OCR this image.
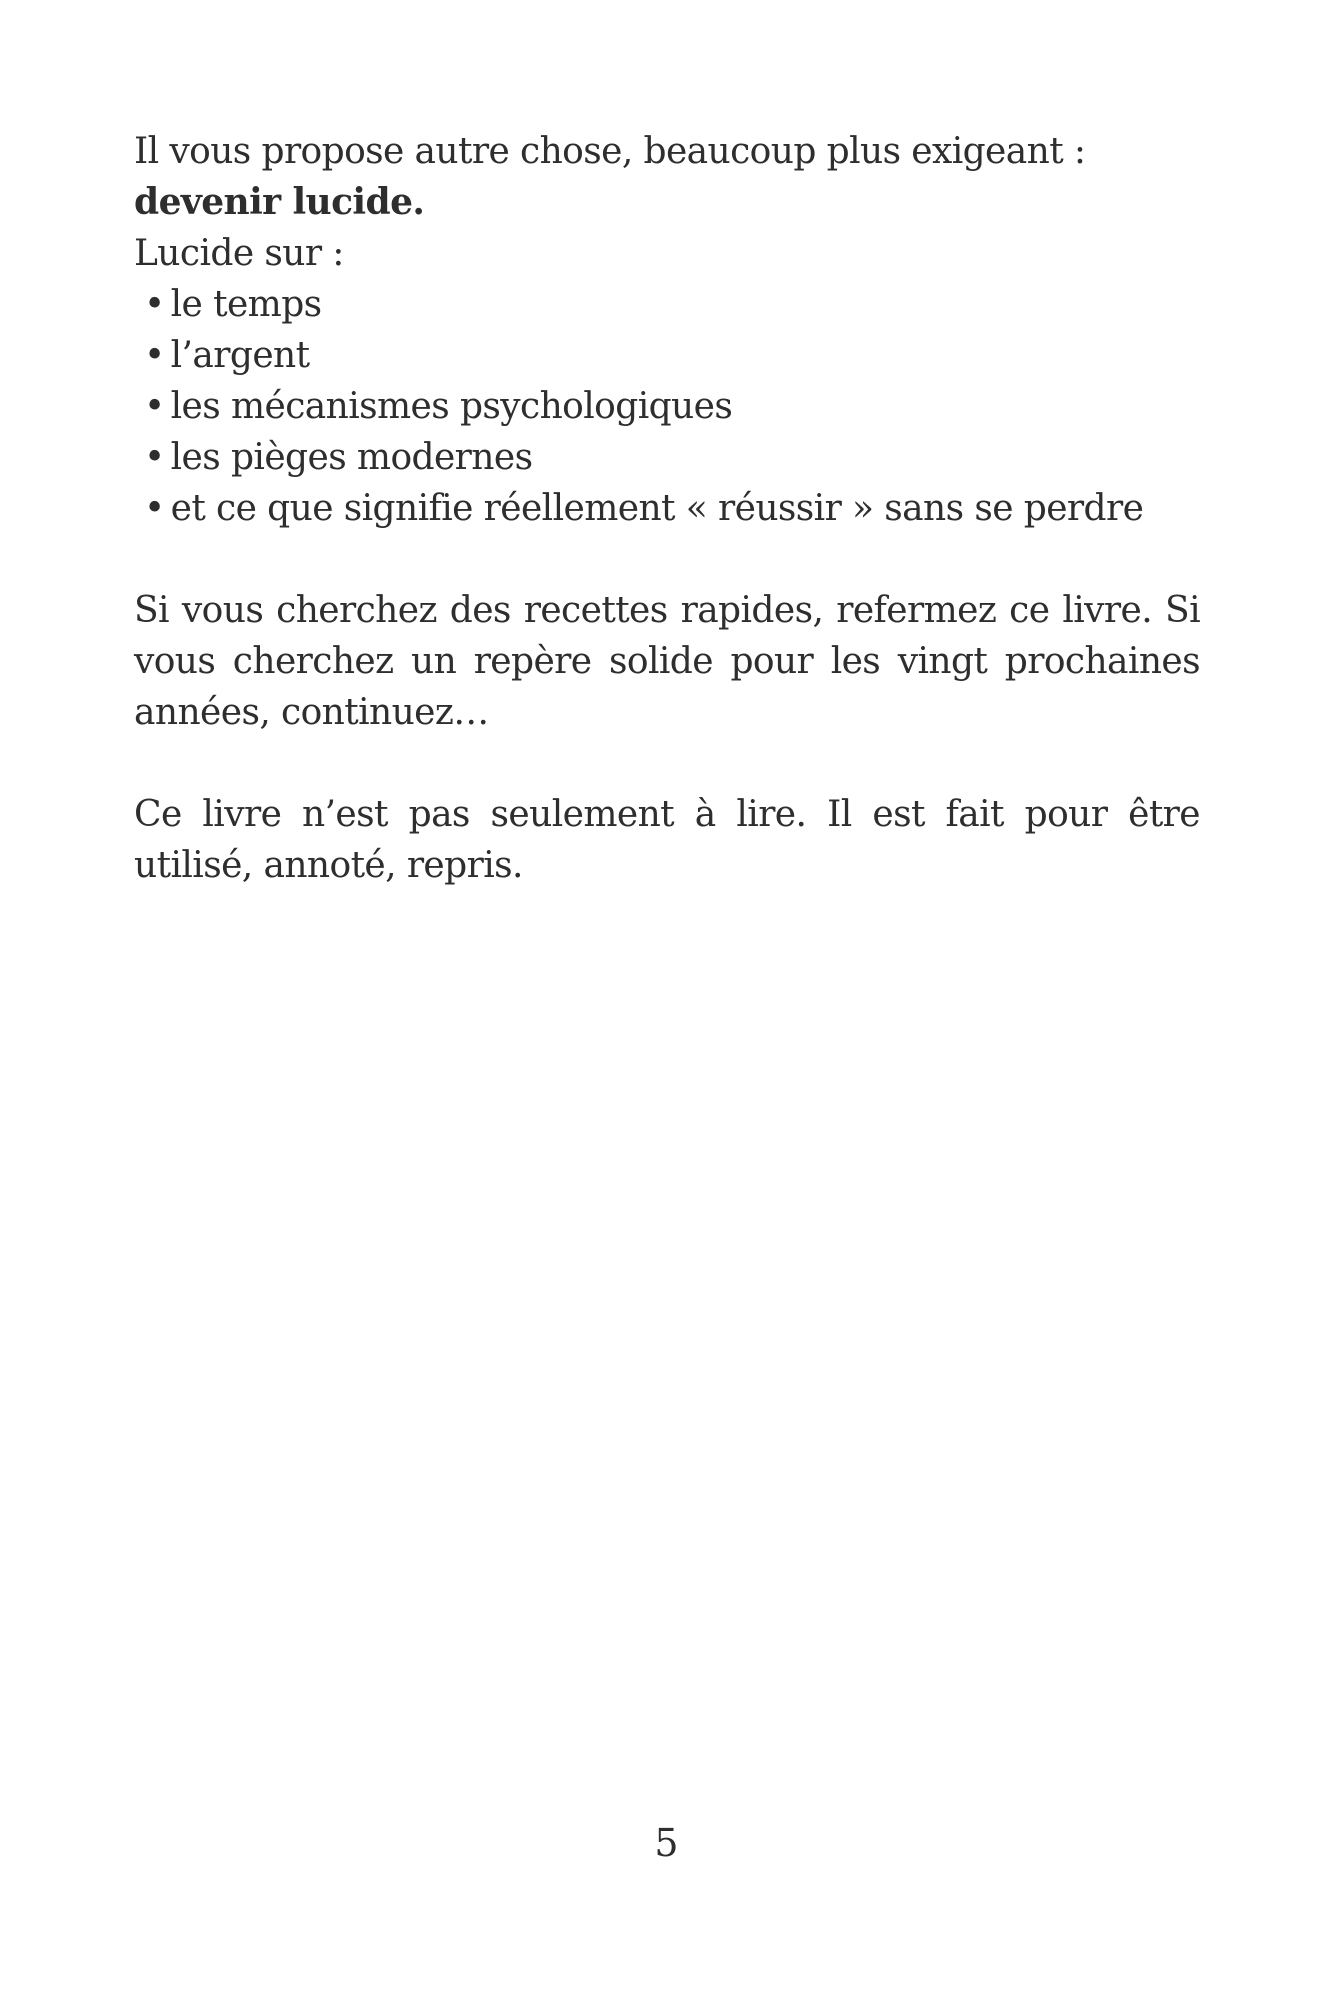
Il vous propose autre chose, beaucoup plus exigeant : devenir lucide.

Lucide sur :

• le temps
• l’argent
• les mécanismes psychologiques
• les pièges modernes
• et ce que signifie réellement « réussir » sans se perdre

Si vous cherchez des recettes rapides, refermez ce livre. Si vous cherchez un repère solide pour les vingt prochaines années, continuez…

Ce livre n’est pas seulement à lire. Il est fait pour être utilisé, annoté, repris.

5
